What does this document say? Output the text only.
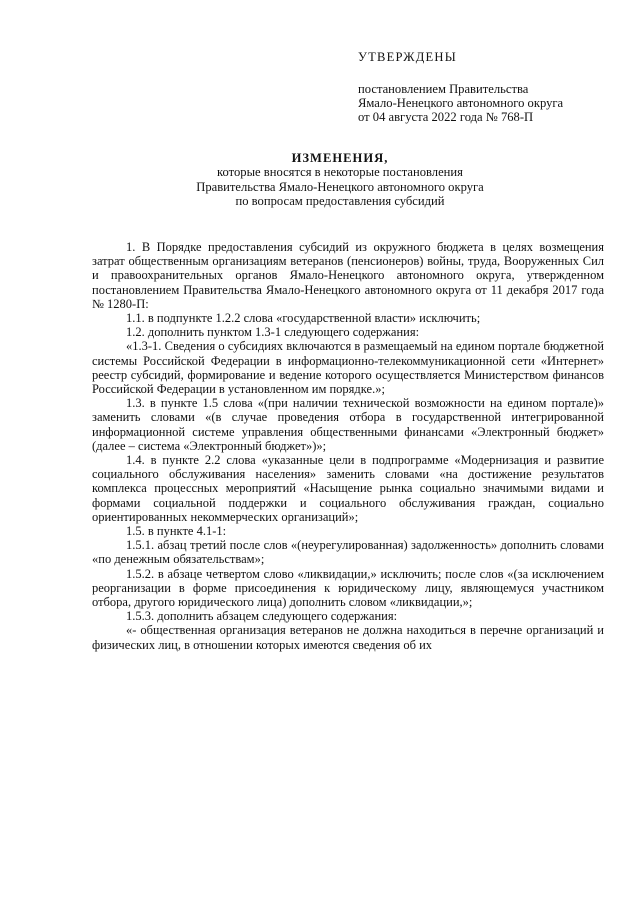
УТВЕРЖДЕНЫ
постановлением Правительства
Ямало-Ненецкого автономного округа
от 04 августа 2022 года № 768-П
ИЗМЕНЕНИЯ,
которые вносятся в некоторые постановления
Правительства Ямало-Ненецкого автономного округа
по вопросам предоставления субсидий

1. В Порядке предоставления субсидий из окружного бюджета в целях возмещения затрат общественным организациям ветеранов (пенсионеров) войны, труда, Вооруженных Сил и правоохранительных органов Ямало-Ненецкого автономного округа, утвержденном постановлением Правительства Ямало-Ненецкого автономного округа от 11 декабря 2017 года № 1280-П:

1.1. в подпункте 1.2.2 слова «государственной власти» исключить;

1.2. дополнить пунктом 1.3-1 следующего содержания:

«1.3-1. Сведения о субсидиях включаются в размещаемый на едином портале бюджетной системы Российской Федерации в информационно-телекоммуникационной сети «Интернет» реестр субсидий, формирование и ведение которого осуществляется Министерством финансов Российской Федерации в установленном им порядке.»;

1.3. в пункте 1.5 слова «(при наличии технической возможности на едином портале)» заменить словами «(в случае проведения отбора в государственной интегрированной информационной системе управления общественными финансами «Электронный бюджет» (далее – система «Электронный бюджет»)»;

1.4. в пункте 2.2 слова «указанные цели в подпрограмме «Модернизация и развитие социального обслуживания населения» заменить словами «на достижение результатов комплекса процессных мероприятий «Насыщение рынка социально значимыми видами и формами социальной поддержки и социального обслуживания граждан, социально ориентированных некоммерческих организаций»;

1.5. в пункте 4.1-1:

1.5.1. абзац третий после слов «(неурегулированная) задолженность» дополнить словами «по денежным обязательствам»;

1.5.2. в абзаце четвертом слово «ликвидации,» исключить; после слов «(за исключением реорганизации в форме присоединения к юридическому лицу, являющемуся участником отбора, другого юридического лица) дополнить словом «ликвидации,»;

1.5.3. дополнить абзацем следующего содержания:

«- общественная организация ветеранов не должна находиться в перечне организаций и физических лиц, в отношении которых имеются сведения об их
